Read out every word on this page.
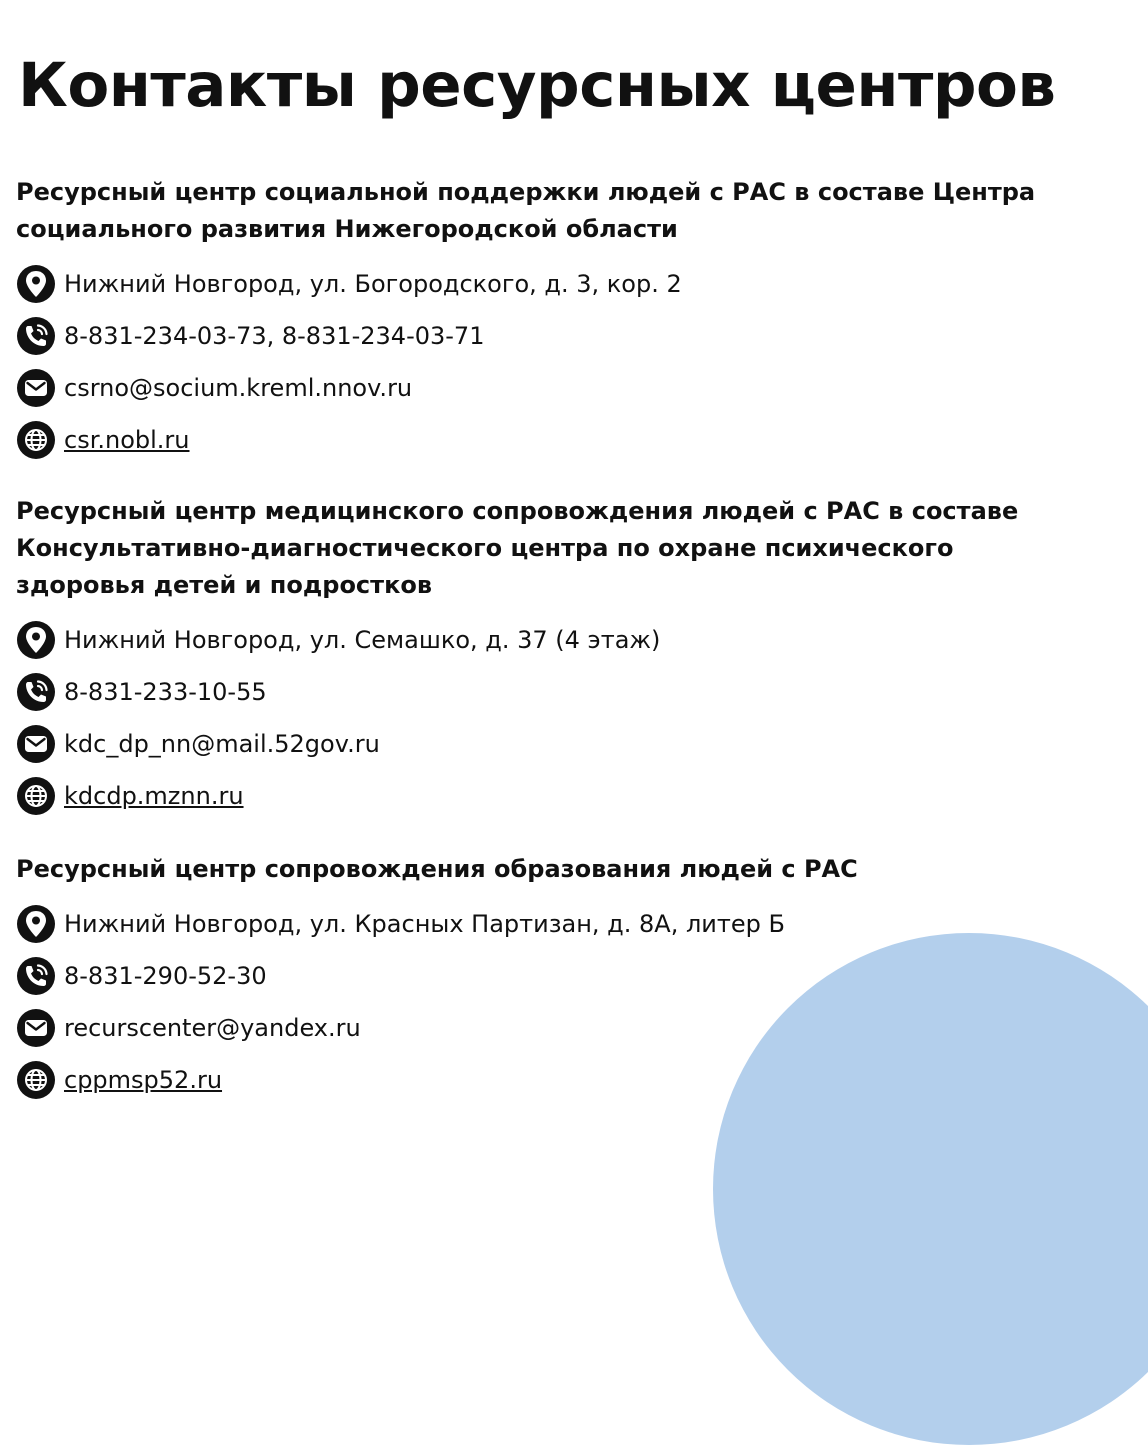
Контакты ресурсных центров
Ресурсный центр социальной поддержки людей с РАС в составе Центра социального развития Нижегородской области
Нижний Новгород, ул. Богородского, д. 3, кор. 2
8-831-234-03-73, 8-831-234-03-71
csrno@socium.kreml.nnov.ru
csr.nobl.ru
Ресурсный центр медицинского сопровождения людей с РАС в составе Консультативно-диагностического центра по охране психического здоровья детей и подростков
Нижний Новгород, ул. Семашко, д. 37 (4 этаж)
8-831-233-10-55
kdc_dp_nn@mail.52gov.ru
kdcdp.mznn.ru
Ресурсный центр сопровождения образования людей с РАС
Нижний Новгород, ул. Красных Партизан, д. 8А, литер Б
8-831-290-52-30
recurscenter@yandex.ru
cppmsp52.ru
